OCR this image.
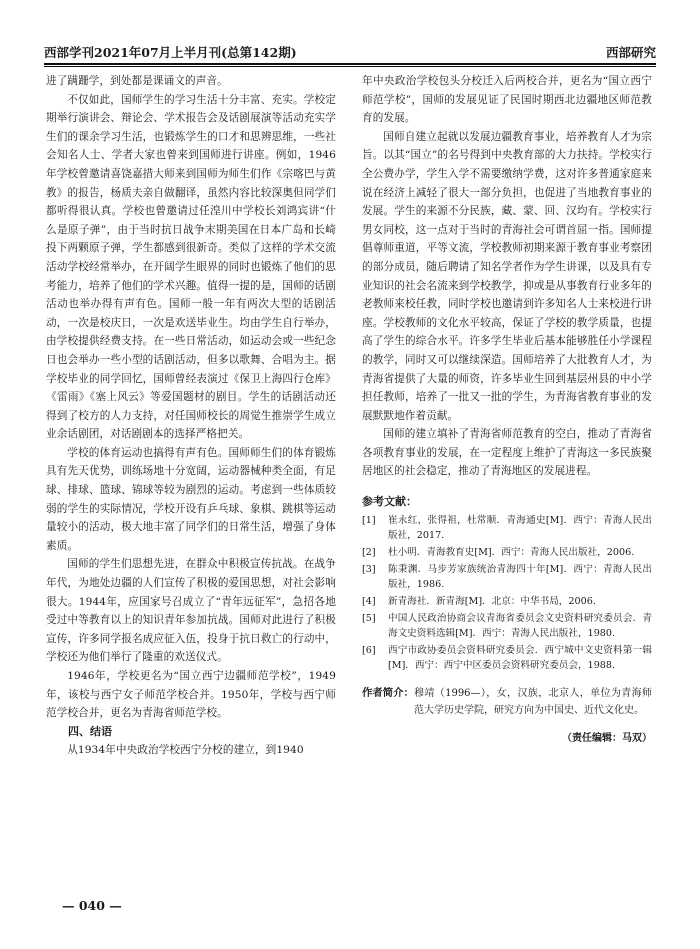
西部学刊2021年07月上半月刊(总第142期)	西部研究

进了蹒跚学，到处都是课诵文的声音。

不仅如此，国师学生的学习生活十分丰富、充实。学校定期举行演讲会、辩论会、学术报告会及话剧展演等活动充实学生们的课余学习生活，也锻炼学生的口才和思辨思维，一些社会知名人士、学者大家也曾来到国师进行讲座。例如，1946年学校曾邀请喜饶嘉措大师来到国师为师生们作《宗喀巴与黄教》的报告，杨质夫亲自做翻译，虽然内容比较深奥但同学们都听得很认真。学校也曾邀请过任湟川中学校长刘鸿宾讲“什么是原子弹”，由于当时抗日战争末期美国在日本广岛和长崎投下两颗原子弹，学生都感到很新奇。类似了这样的学术交流活动学校经常举办，在开阔学生眼界的同时也锻炼了他们的思考能力，培养了他们的学术兴趣。值得一提的是，国师的话剧活动也举办得有声有色。国师一般一年有两次大型的话剧活动，一次是校庆日，一次是欢送毕业生。均由学生自行举办，由学校提供经费支持。在一些日常活动，如运动会或一些纪念日也会举办一些小型的话剧活动，但多以歌舞、合唱为主。据学校毕业的同学回忆，国师曾经表演过《保卫上海四行仓库》《雷雨》《塞上风云》等爱国题材的剧目。学生的话剧活动还得到了校方的人力支持，对任国师校长的周觉生推崇学生成立业余话剧团，对话剧剧本的选择严格把关。

学校的体育运动也搞得有声有色。国师师生们的体育锻炼具有先天优势，训练场地十分宽阔，运动器械种类全面，有足球、排球、篮球、锦球等较为剧烈的运动。考虑到一些体质较弱的学生的实际情况，学校开设有乒乓球、象棋、跳棋等运动量较小的活动，极大地丰富了同学们的日常生活，增强了身体素质。

国师的学生们思想先进，在群众中积极宣传抗战。在战争年代，为地处边疆的人们宣传了积极的爱国思想，对社会影响很大。1944年，应国家号召成立了“青年远征军”，急招各地受过中等教育以上的知识青年参加抗战。国师对此进行了积极宣传，许多同学报名成应征入伍，投身于抗日救亡的行动中，学校还为他们举行了隆重的欢送仪式。

1946年，学校更名为“国立西宁边疆师范学校”，1949年，该校与西宁女子师范学校合并。1950年，学校与西宁师范学校合并，更名为青海省师范学校。

四、结语

从1934年中央政治学校西宁分校的建立，到1940

年中央政治学校包头分校迁入后两校合并，更名为“国立西宁师范学校”，国师的发展见证了民国时期西北边疆地区师范教育的发展。

国师自建立起就以发展边疆教育事业，培养教育人才为宗旨。以其“国立”的名号得到中央教育部的大力扶持。学校实行全公费办学，学生入学不需要缴纳学费，这对许多普通家庭来说在经济上减轻了很大一部分负担，也促进了当地教育事业的发展。学生的来源不分民族，藏、蒙、回、汉均有。学校实行男女同校，这一点对于当时的青海社会可谓首屈一指。国师提倡尊师重道，平等文流，学校教师初期来源于教育事业考察团的部分成员，随后聘请了知名学者作为学生讲课，以及具有专业知识的社会名流来到学校教学，抑或是从事教育行业多年的老教师来校任教，同时学校也邀请到许多知名人士来校进行讲座。学校教师的文化水平较高，保证了学校的教学质量，也提高了学生的综合水平。许多学生毕业后基本能够胜任小学课程的教学，同时又可以继续深造。国师培养了大批教育人才，为青海省提供了大量的师资，许多毕业生回到基层州县的中小学担任教师，培养了一批又一批的学生，为青海省教育事业的发展默默地作着贡献。

国师的建立填补了青海省师范教育的空白，推动了青海省各项教育事业的发展，在一定程度上维护了青海这一多民族聚居地区的社会稳定，推动了青海地区的发展进程。

参考文献：
[1]	崔永红，张得祖，杜常顺．青海通史[M]．西宁：青海人民出版社，2017.
[2]	杜小明．青海教育史[M]．西宁：青海人民出版社，2006.
[3]	陈秉渊．马步芳家族统治青海四十年[M]．西宁：青海人民出版社，1986.
[4]	新青海社．新青海[M]．北京：中华书局，2006.
[5]	中国人民政治协商会议青海省委员会文史资料研究委员会．青海文史资料选辑[M]．西宁：青海人民出版社，1980.
[6]	西宁市政协委员会资料研究委员会．西宁城中文史资料第一辑[M]．西宁：西宁中区委员会资料研究委员会，1988.
作者简介： 穆靖（1996—），女，汉族，北京人，单位为青海师范大学历史学院，研究方向为中国史、近代文化史。
（责任编辑：马双）
— 040 —
